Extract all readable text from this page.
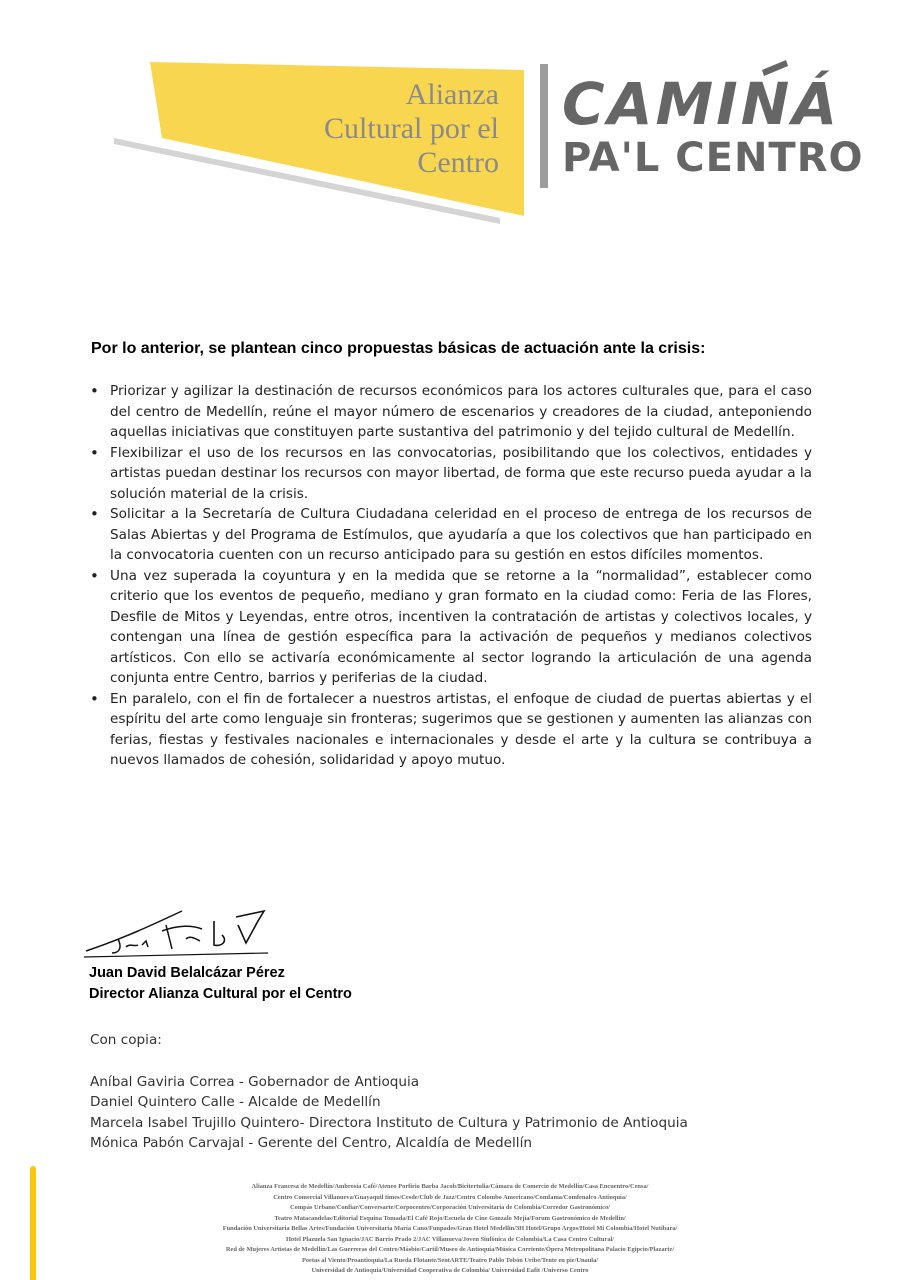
Alianza
Cultural por el
Centro
CAMINÁ
PA'L CENTRO
Por lo anterior, se plantean cinco propuestas básicas de actuación ante la crisis:
• Priorizar y agilizar la destinación de recursos económicos para los actores culturales que, para el caso del centro de Medellín, reúne el mayor número de escenarios y creadores de la ciudad, anteponiendo aquellas iniciativas que constituyen parte sustantiva del patrimonio y del tejido cultural de Medellín.
• Flexibilizar el uso de los recursos en las convocatorias, posibilitando que los colectivos, entidades y artistas puedan destinar los recursos con mayor libertad, de forma que este recurso pueda ayudar a la solución material de la crisis.
• Solicitar a la Secretaría de Cultura Ciudadana celeridad en el proceso de entrega de los recursos de Salas Abiertas y del Programa de Estímulos, que ayudaría a que los colectivos que han participado en la convocatoria cuenten con un recurso anticipado para su gestión en estos difíciles momentos.
• Una vez superada la coyuntura y en la medida que se retorne a la “normalidad”, establecer como criterio que los eventos de pequeño, mediano y gran formato en la ciudad como: Feria de las Flores, Desfile de Mitos y Leyendas, entre otros, incentiven la contratación de artistas y colectivos locales, y contengan una línea de gestión específica para la activación de pequeños y medianos colectivos artísticos. Con ello se activaría económicamente al sector logrando la articulación de una agenda conjunta entre Centro, barrios y periferias de la ciudad.
• En paralelo, con el fin de fortalecer a nuestros artistas, el enfoque de ciudad de puertas abiertas y el espíritu del arte como lenguaje sin fronteras; sugerimos que se gestionen y aumenten las alianzas con ferias, fiestas y festivales nacionales e internacionales y desde el arte y la cultura se contribuya a nuevos llamados de cohesión, solidaridad y apoyo mutuo.
Juan David Belalcázar Pérez
Director Alianza Cultural por el Centro
Con copia:
Aníbal Gaviria Correa - Gobernador de Antioquia
Daniel Quintero Calle - Alcalde de Medellín
Marcela Isabel Trujillo Quintero- Directora Instituto de Cultura y Patrimonio de Antioquia
Mónica Pabón Carvajal - Gerente del Centro, Alcaldía de Medellín
Alianza Francesa de Medellín/Ambrosia Café/Ateneo Porfirio Barba Jacob/Bicitertulia/Cámara de Comercio de Medellín/Casa Encuentro/Censa/
Centro Comercial Villanueva/Guayaquil times/Cesde/Club de Jazz/Centro Colombo Americano/Comfama/Comfenalco Antioquia/
Compás Urbano/Confiar/Conversarte/Corpocentro/Corporación Universitaria de Colombia/Corredor Gastronómico/
Teatro Matacandelas/Editorial Esquina Tomada/El Café Rojo/Escuela de Cine Gonzalo Mejía/Forum Gastronómico de Medellín/
Fundación Universitaria Bellas Artes/Fundación Universitaria María Cano/Funpades/Gran Hotel Medellín/3H Hotel/Grupo Argos/Hotel Mi Colombia/Hotel Nutibara/
Hotel Plazuela San Ignacio/JAC Barrio Prado 2/JAC Villanueva/Joven Sinfónica de Colombia/La Casa Centro Cultural/
Red de Mujeres Artistas de Medellín/Las Guerreras del Centro/Másbio/Cartil/Museo de Antioquia/Música Corriente/Ópera Metropolitana Palacio Egipcio/Plazarte/
Poetas al Viento/Proantioquia/La Rueda Flotante/SentARTE/Teatro Pablo Tobón Uribe/Tente en pie/Unaula/
Universidad de Antioquia/Universidad Cooperativa de Colombia/ Universidad Eafit /Universo Centro
